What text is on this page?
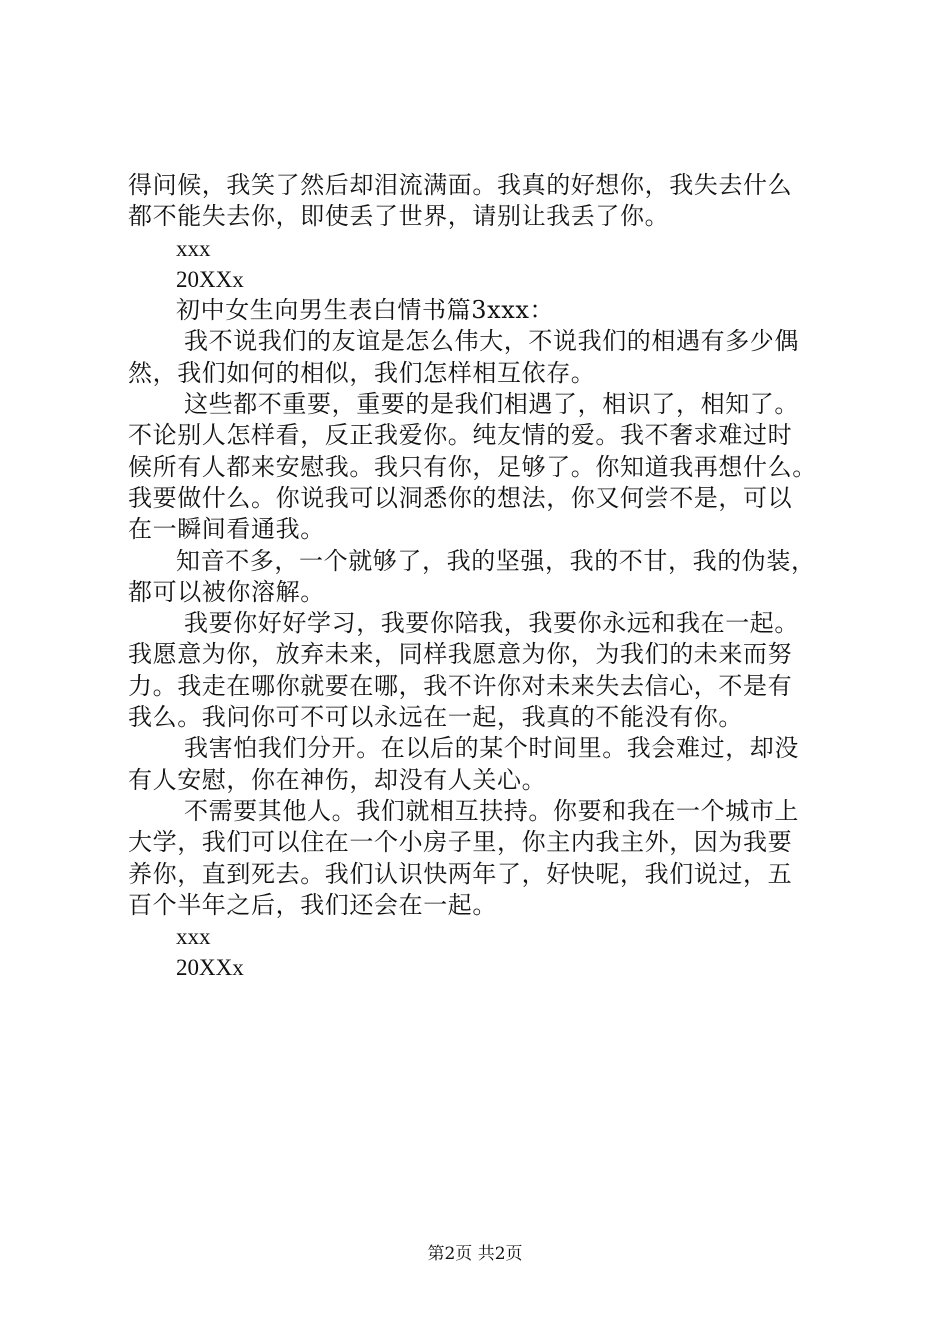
得问候，我笑了然后却泪流满面。我真的好想你，我失去什么
都不能失去你，即使丢了世界，请别让我丢了你。
xxx
20XXx
初中女生向男生表白情书篇3xxx：
我不说我们的友谊是怎么伟大，不说我们的相遇有多少偶
然，我们如何的相似，我们怎样相互依存。
这些都不重要，重要的是我们相遇了，相识了，相知了。
不论别人怎样看，反正我爱你。纯友情的爱。我不奢求难过时
候所有人都来安慰我。我只有你，足够了。你知道我再想什么。
我要做什么。你说我可以洞悉你的想法，你又何尝不是，可以
在一瞬间看通我。
知音不多，一个就够了，我的坚强，我的不甘，我的伪装，
都可以被你溶解。
我要你好好学习，我要你陪我，我要你永远和我在一起。
我愿意为你，放弃未来，同样我愿意为你，为我们的未来而努
力。我走在哪你就要在哪，我不许你对未来失去信心，不是有
我么。我问你可不可以永远在一起，我真的不能没有你。
我害怕我们分开。在以后的某个时间里。我会难过，却没
有人安慰，你在神伤，却没有人关心。
不需要其他人。我们就相互扶持。你要和我在一个城市上
大学，我们可以住在一个小房子里，你主内我主外，因为我要
养你，直到死去。我们认识快两年了，好快呢，我们说过，五
百个半年之后，我们还会在一起。
xxx
20XXx
第2页 共2页
